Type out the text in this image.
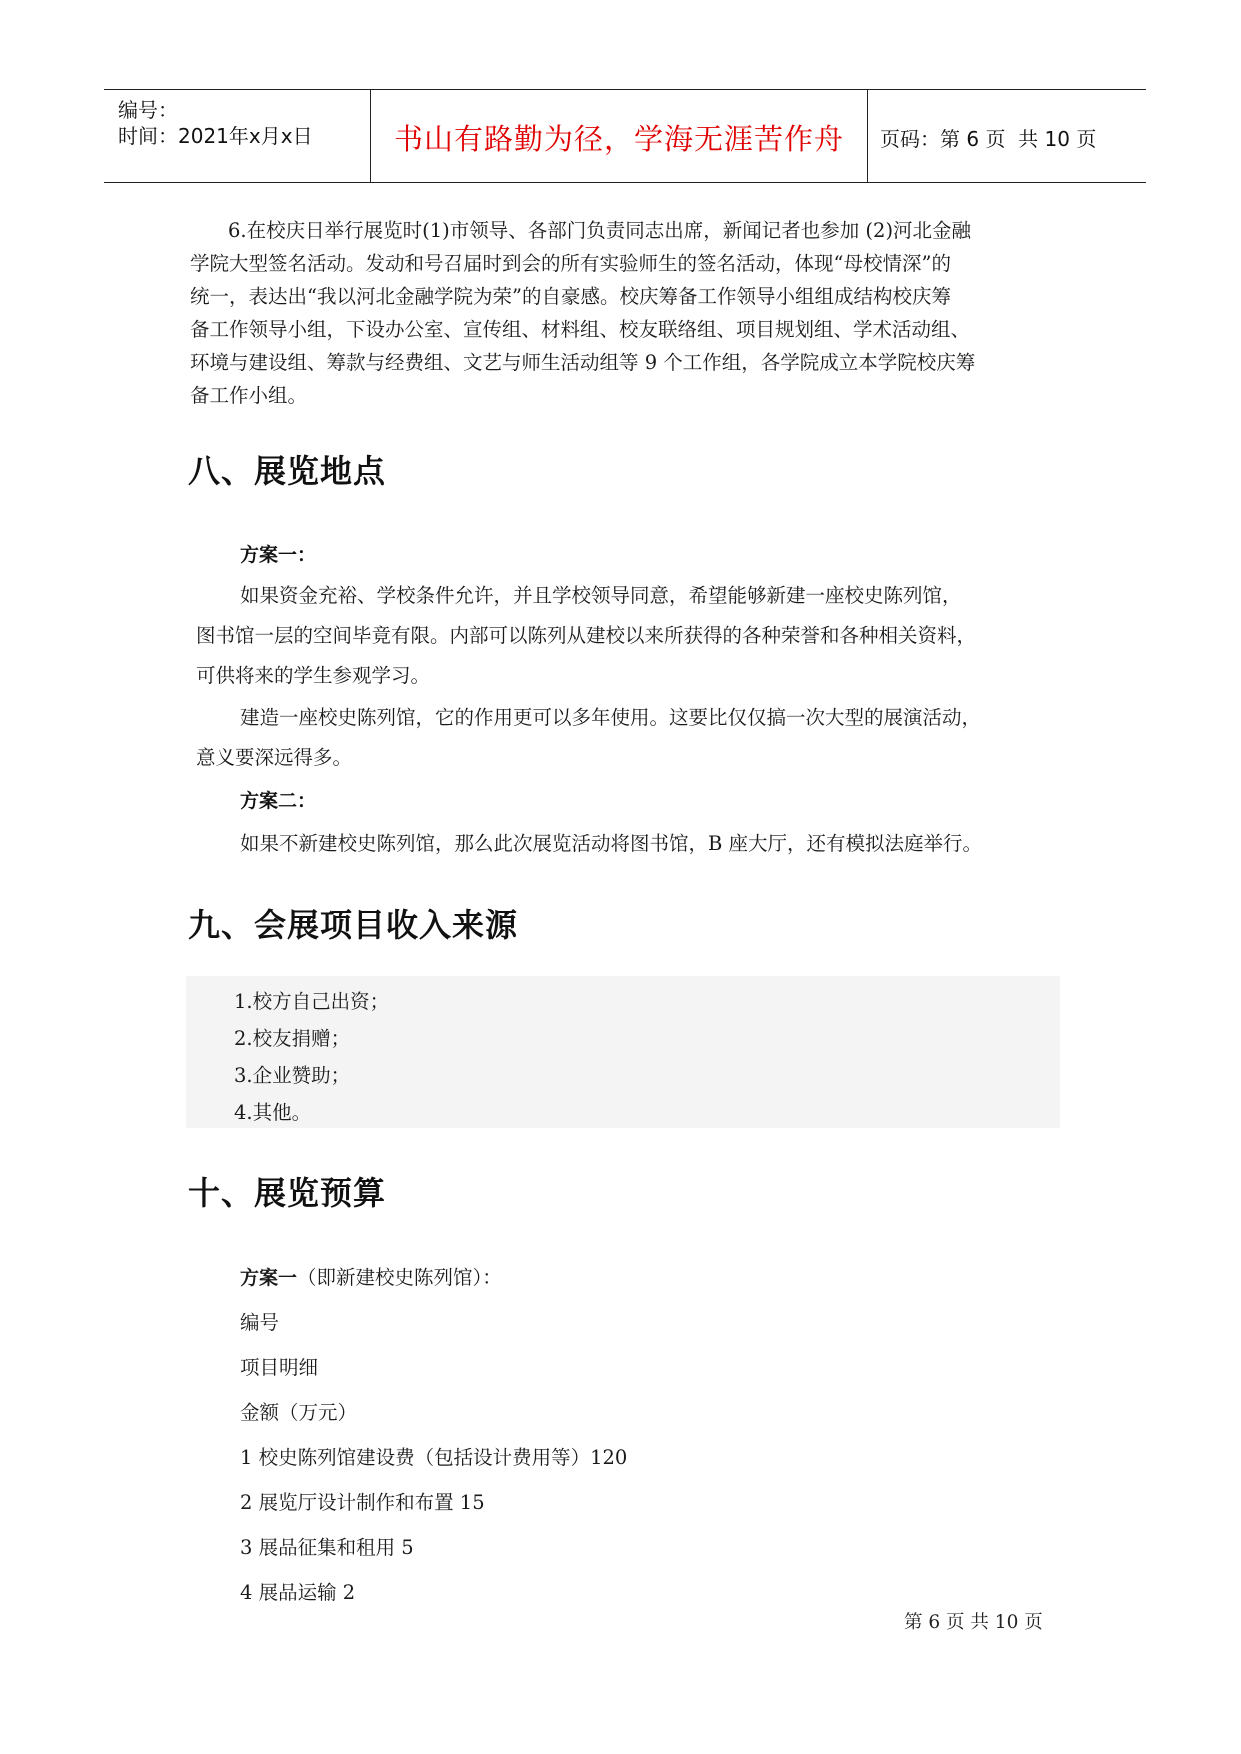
编号：
时间：2021年x月x日	书山有路勤为径，学海无涯苦作舟	页码：第 6 页  共 10 页
6.在校庆日举行展览时(1)市领导、各部门负责同志出席，新闻记者也参加 (2)河北金融
学院大型签名活动。发动和号召届时到会的所有实验师生的签名活动，体现“母校情深”的
统一，表达出“我以河北金融学院为荣”的自豪感。校庆筹备工作领导小组组成结构校庆筹
备工作领导小组，下设办公室、宣传组、材料组、校友联络组、项目规划组、学术活动组、
环境与建设组、筹款与经费组、文艺与师生活动组等 9 个工作组，各学院成立本学院校庆筹
备工作小组。
八、展览地点
方案一：
如果资金充裕、学校条件允许，并且学校领导同意，希望能够新建一座校史陈列馆，
图书馆一层的空间毕竟有限。内部可以陈列从建校以来所获得的各种荣誉和各种相关资料，
可供将来的学生参观学习。
建造一座校史陈列馆，它的作用更可以多年使用。这要比仅仅搞一次大型的展演活动，
意义要深远得多。
方案二：
如果不新建校史陈列馆，那么此次展览活动将图书馆，B 座大厅，还有模拟法庭举行。
九、会展项目收入来源
1.校方自己出资；
2.校友捐赠；
3.企业赞助；
4.其他。
十、展览预算
方案一（即新建校史陈列馆）：
编号
项目明细
金额（万元）
1 校史陈列馆建设费（包括设计费用等）120
2 展览厅设计制作和布置 15
3 展品征集和租用 5
4 展品运输 2
第 6 页 共 10 页
